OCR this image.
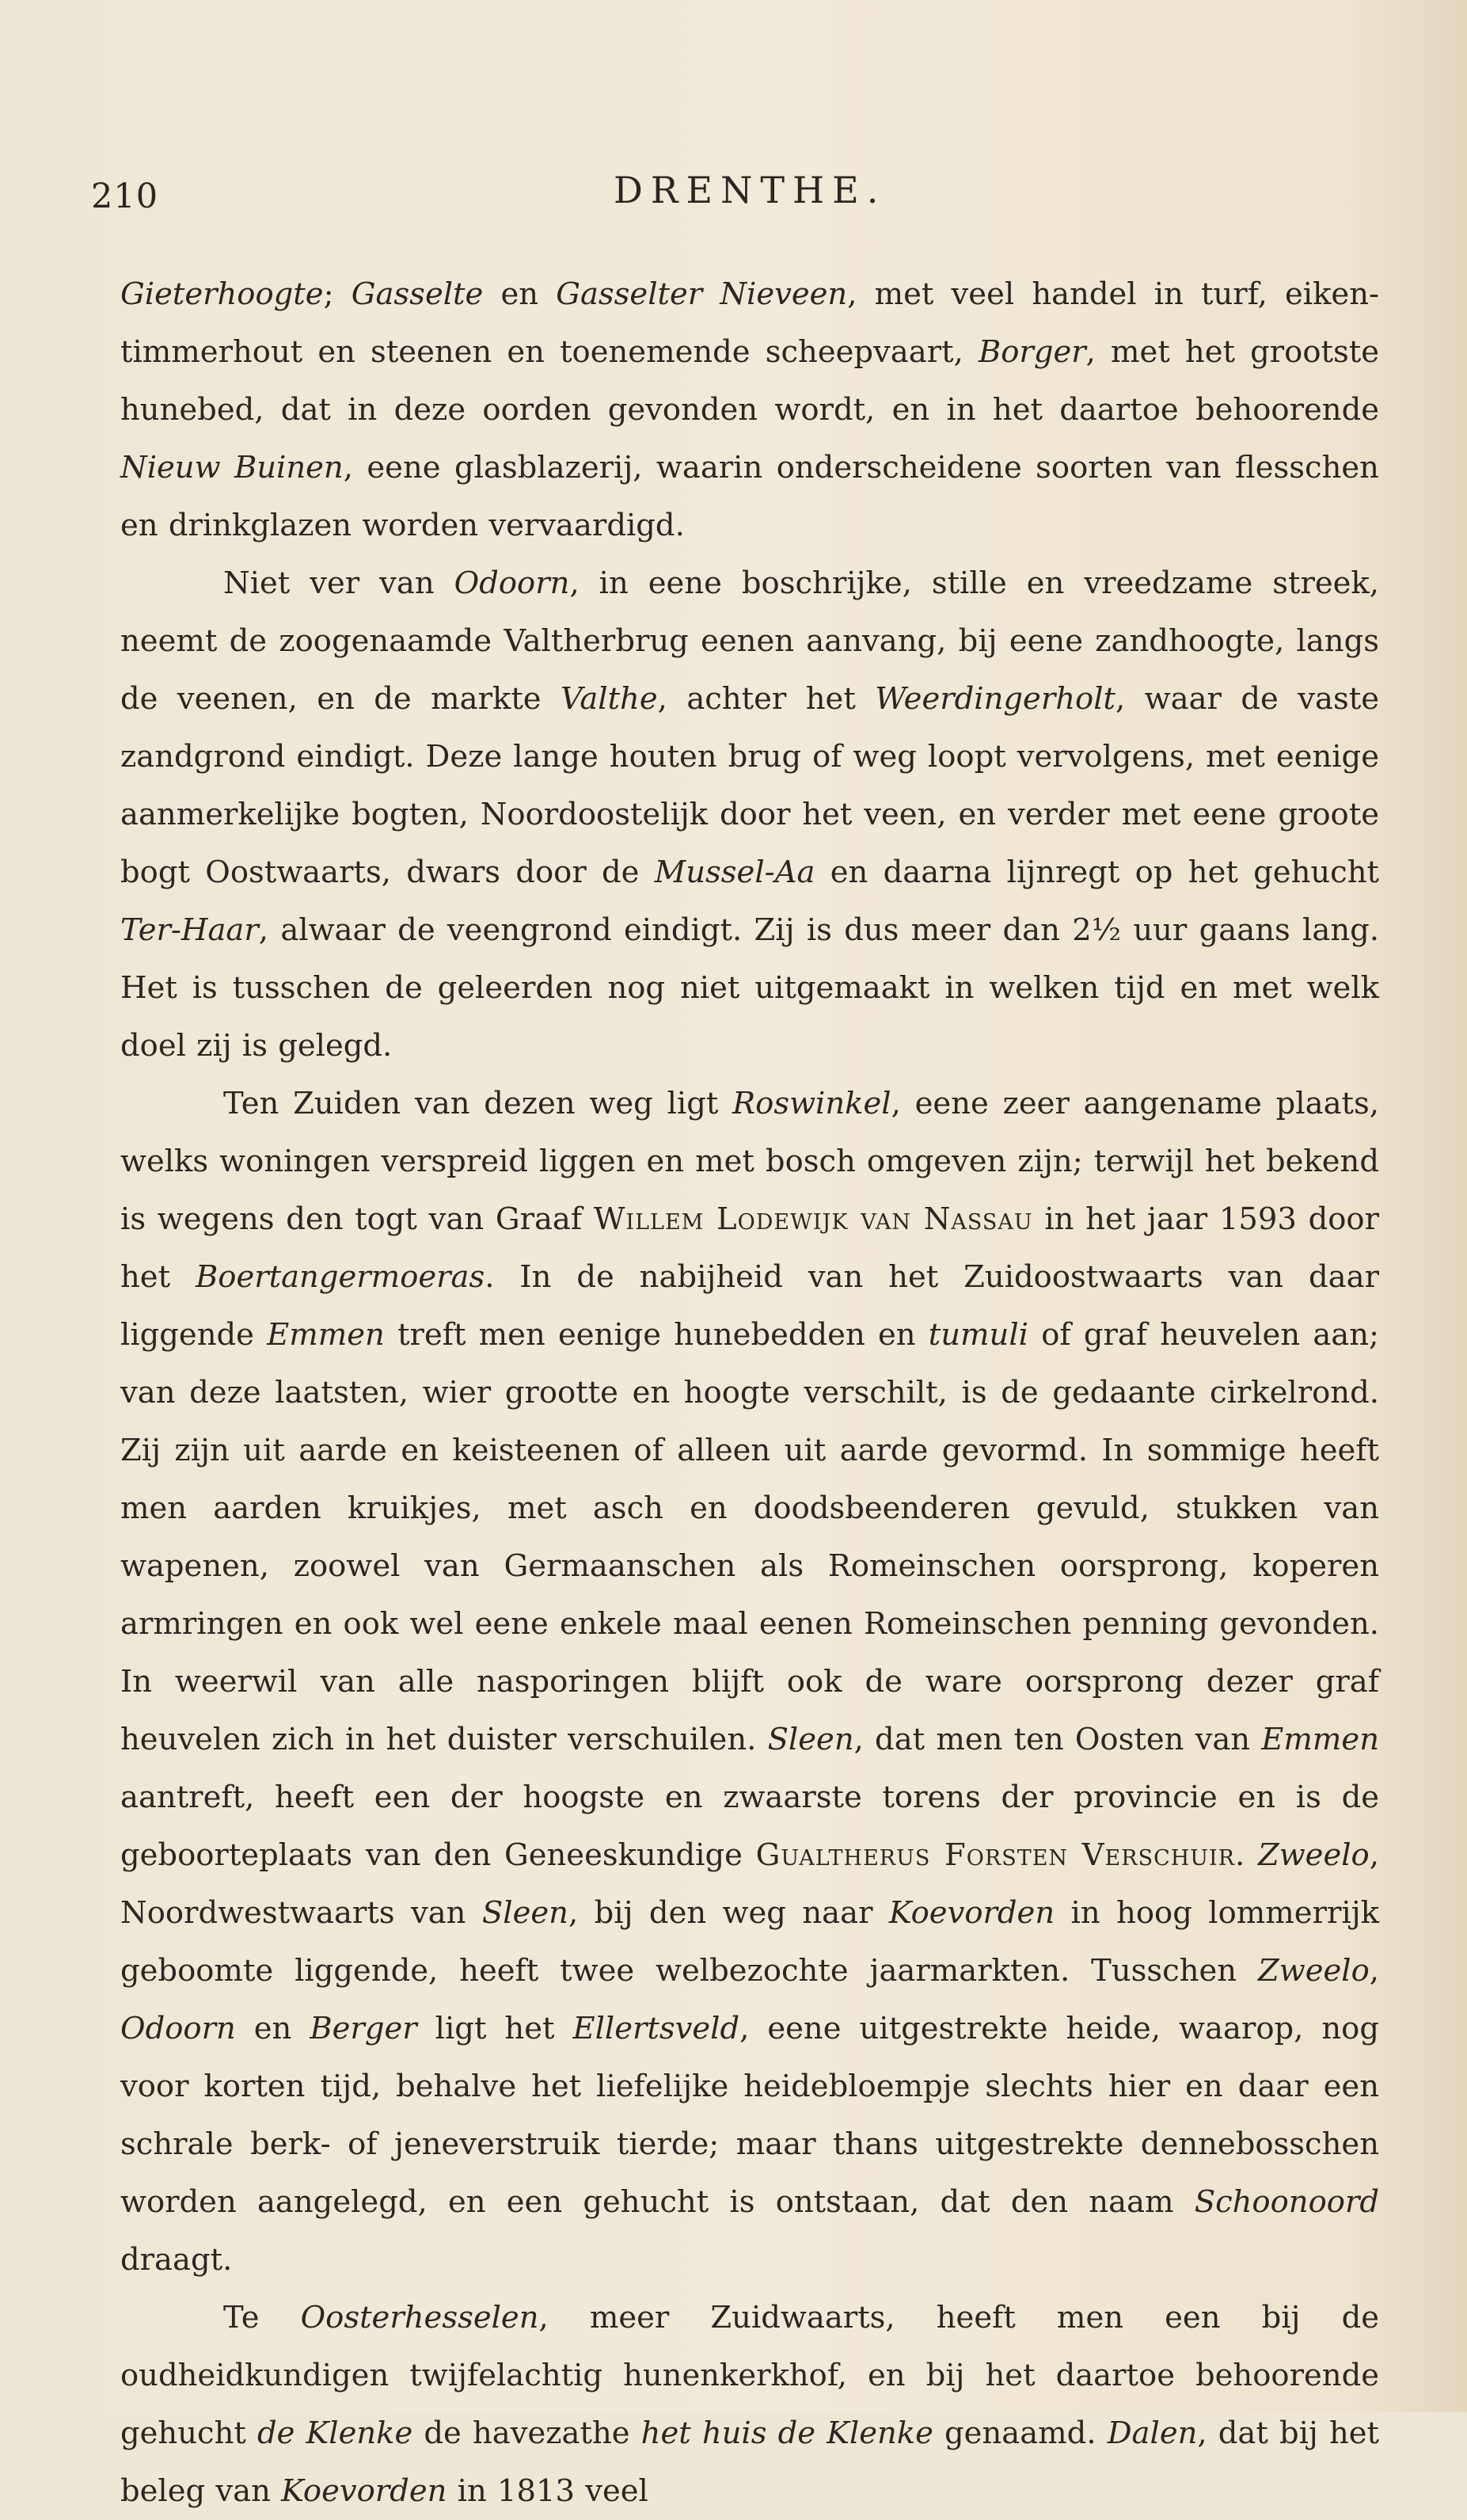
210	DRENTHE.

Gieterhoogte; Gasselte en Gasselter Nieveen, met veel handel in turf, eiken-timmerhout en steenen en toenemende scheepvaart, Borger, met het grootste hunebed, dat in deze oorden gevonden wordt, en in het daartoe behoorende Nieuw Buinen, eene glasblazerij, waarin onderscheidene soorten van flesschen en drinkglazen worden vervaardigd.

Niet ver van Odoorn, in eene boschrijke, stille en vreedzame streek, neemt de zoogenaamde Valtherbrug eenen aanvang, bij eene zandhoogte, langs de veenen, en de markte Valthe, achter het Weerdingerholt, waar de vaste zandgrond eindigt. Deze lange houten brug of weg loopt vervolgens, met eenige aanmerkelijke bogten, Noordoostelijk door het veen, en verder met eene groote bogt Oostwaarts, dwars door de Mussel-Aa en daarna lijnregt op het gehucht Ter-Haar, alwaar de veengrond eindigt. Zij is dus meer dan 2½ uur gaans lang. Het is tusschen de geleerden nog niet uitgemaakt in welken tijd en met welk doel zij is gelegd.

Ten Zuiden van dezen weg ligt Roswinkel, eene zeer aangename plaats, welks woningen verspreid liggen en met bosch omgeven zijn; terwijl het bekend is wegens den togt van Graaf Willem Lodewijk van Nassau in het jaar 1593 door het Boertangermoeras. In de nabijheid van het Zuidoostwaarts van daar liggende Emmen treft men eenige hunebedden en tumuli of graf heuvelen aan; van deze laatsten, wier grootte en hoogte verschilt, is de gedaante cirkelrond. Zij zijn uit aarde en keisteenen of alleen uit aarde gevormd. In sommige heeft men aarden kruikjes, met asch en doodsbeenderen gevuld, stukken van wapenen, zoowel van Germaanschen als Romeinschen oorsprong, koperen armringen en ook wel eene enkele maal eenen Romeinschen penning gevonden. In weerwil van alle nasporingen blijft ook de ware oorsprong dezer graf heuvelen zich in het duister verschuilen. Sleen, dat men ten Oosten van Emmen aantreft, heeft een der hoogste en zwaarste torens der provincie en is de geboorteplaats van den Geneeskundige Gualtherus Forsten Verschuir. Zweelo, Noordwestwaarts van Sleen, bij den weg naar Koevorden in hoog lommerrijk geboomte liggende, heeft twee welbezochte jaarmarkten. Tusschen Zweelo, Odoorn en Berger ligt het Ellertsveld, eene uitgestrekte heide, waarop, nog voor korten tijd, behalve het liefelijke heidebloempje slechts hier en daar een schrale berk- of jeneverstruik tierde; maar thans uitgestrekte dennebosschen worden aangelegd, en een gehucht is ontstaan, dat den naam Schoonoord draagt.

Te Oosterhesselen, meer Zuidwaarts, heeft men een bij de oudheidkundigen twijfelachtig hunenkerkhof, en bij het daartoe behoorende gehucht de Klenke de havezathe het huis de Klenke genaamd. Dalen, dat bij het beleg van Koevorden in 1813 veel
